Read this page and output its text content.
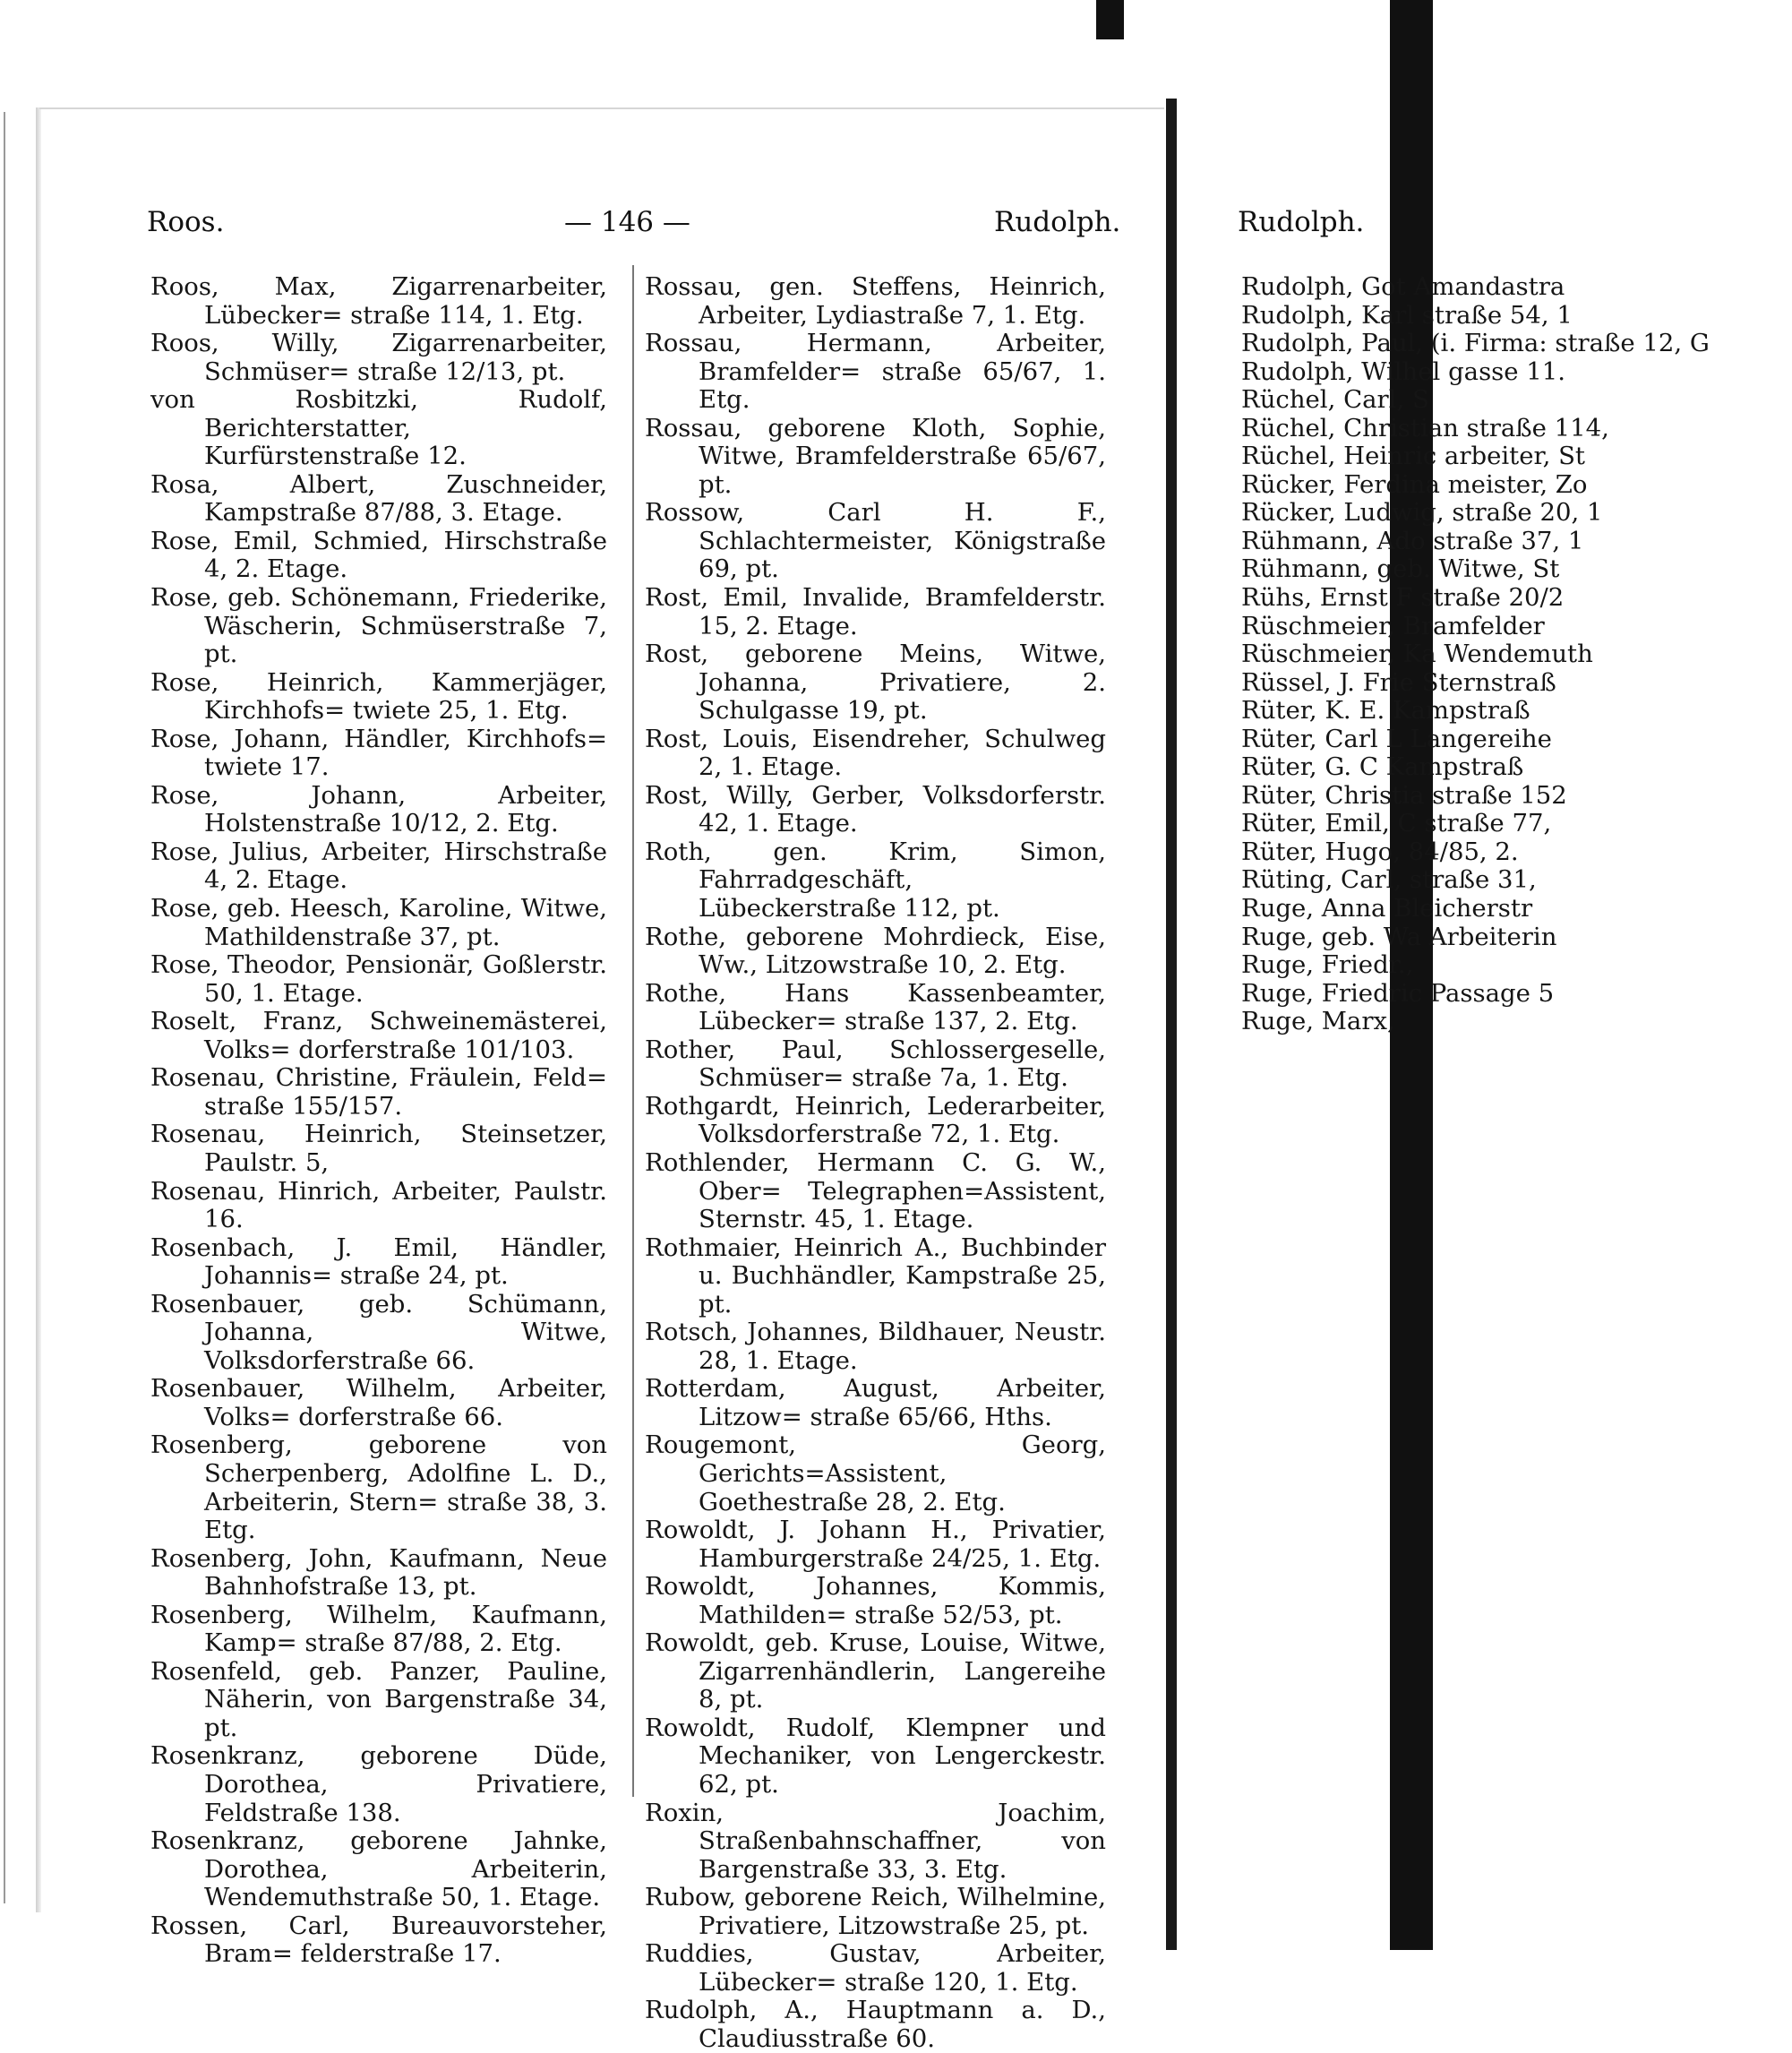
Roos.	— 146 —	Rudolph.	Rudolph.

Roos, Max, Zigarrenarbeiter, Lübecker= straße 114, 1. Etg.

Roos, Willy, Zigarrenarbeiter, Schmüser= straße 12/13, pt.

von Rosbitzki, Rudolf, Berichterstatter, Kurfürstenstraße 12.

Rosa, Albert, Zuschneider, Kampstraße 87/88, 3. Etage.

Rose, Emil, Schmied, Hirschstraße 4, 2. Etage.

Rose, geb. Schönemann, Friederike, Wäscherin, Schmüserstraße 7, pt.

Rose, Heinrich, Kammerjäger, Kirchhofs= twiete 25, 1. Etg.

Rose, Johann, Händler, Kirchhofs= twiete 17.

Rose, Johann, Arbeiter, Holstenstraße 10/12, 2. Etg.

Rose, Julius, Arbeiter, Hirschstraße 4, 2. Etage.

Rose, geb. Heesch, Karoline, Witwe, Mathildenstraße 37, pt.

Rose, Theodor, Pensionär, Goßlerstr. 50, 1. Etage.

Roselt, Franz, Schweinemästerei, Volks= dorferstraße 101/103.

Rosenau, Christine, Fräulein, Feld= straße 155/157.

Rosenau, Heinrich, Steinsetzer, Paulstr. 5,

Rosenau, Hinrich, Arbeiter, Paulstr. 16.

Rosenbach, J. Emil, Händler, Johannis= straße 24, pt.

Rosenbauer, geb. Schümann, Johanna, Witwe, Volksdorferstraße 66.

Rosenbauer, Wilhelm, Arbeiter, Volks= dorferstraße 66.

Rosenberg, geborene von Scherpenberg, Adolfine L. D., Arbeiterin, Stern= straße 38, 3. Etg.

Rosenberg, John, Kaufmann, Neue Bahnhofstraße 13, pt.

Rosenberg, Wilhelm, Kaufmann, Kamp= straße 87/88, 2. Etg.

Rosenfeld, geb. Panzer, Pauline, Näherin, von Bargenstraße 34, pt.

Rosenkranz, geborene Düde, Dorothea, Privatiere, Feldstraße 138.

Rosenkranz, geborene Jahnke, Dorothea, Arbeiterin, Wendemuthstraße 50, 1. Etage.

Rossen, Carl, Bureauvorsteher, Bram= felderstraße 17.

Rossau, gen. Steffens, Heinrich, Arbeiter, Lydiastraße 7, 1. Etg.

Rossau, Hermann, Arbeiter, Bramfelder= straße 65/67, 1. Etg.

Rossau, geborene Kloth, Sophie, Witwe, Bramfelderstraße 65/67, pt.

Rossow, Carl H. F., Schlachtermeister, Königstraße 69, pt.

Rost, Emil, Invalide, Bramfelderstr. 15, 2. Etage.

Rost, geborene Meins, Witwe, Johanna, Privatiere, 2. Schulgasse 19, pt.

Rost, Louis, Eisendreher, Schulweg 2, 1. Etage.

Rost, Willy, Gerber, Volksdorferstr. 42, 1. Etage.

Roth, gen. Krim, Simon, Fahrradgeschäft, Lübeckerstraße 112, pt.

Rothe, geborene Mohrdieck, Eise, Ww., Litzowstraße 10, 2. Etg.

Rothe, Hans Kassenbeamter, Lübecker= straße 137, 2. Etg.

Rother, Paul, Schlossergeselle, Schmüser= straße 7a, 1. Etg.

Rothgardt, Heinrich, Lederarbeiter, Volksdorferstraße 72, 1. Etg.

Rothlender, Hermann C. G. W., Ober= Telegraphen=Assistent, Sternstr. 45, 1. Etage.

Rothmaier, Heinrich A., Buchbinder u. Buchhändler, Kampstraße 25, pt.

Rotsch, Johannes, Bildhauer, Neustr. 28, 1. Etage.

Rotterdam, August, Arbeiter, Litzow= straße 65/66, Hths.

Rougemont, Georg, Gerichts=Assistent, Goethestraße 28, 2. Etg.

Rowoldt, J. Johann H., Privatier, Hamburgerstraße 24/25, 1. Etg.

Rowoldt, Johannes, Kommis, Mathilden= straße 52/53, pt.

Rowoldt, geb. Kruse, Louise, Witwe, Zigarrenhändlerin, Langereihe 8, pt.

Rowoldt, Rudolf, Klempner und Mechaniker, von Lengerckestr. 62, pt.

Roxin, Joachim, Straßenbahnschaffner, von Bargenstraße 33, 3. Etg.

Rubow, geborene Reich, Wilhelmine, Privatiere, Litzowstraße 25, pt.

Ruddies, Gustav, Arbeiter, Lübecker= straße 120, 1. Etg.

Rudolph, A., Hauptmann a. D., Claudiusstraße 60.

Rudolph, Got Amandastra

Rudolph, Karl straße 54, 1

Rudolph, Paul, (i. Firma: straße 12, G

Rudolph, Wilhel gasse 11.

Rüchel, Carl, S

Rüchel, Christian straße 114,

Rüchel, Heinric arbeiter, St

Rücker, Ferdina meister, Zo

Rücker, Ludwig, straße 20, 1

Rühmann, Ado straße 37, 1

Rühmann, geb. Witwe, St

Rühs, Ernst F straße 20/2

Rüschmeier, Bramfelder

Rüschmeier, Ka Wendemuth

Rüssel, J. Frie Sternstraß

Rüter, K. E. Kampstraß

Rüter, Carl L Langereihe

Rüter, G. C Kampstraß

Rüter, Christia straße 152

Rüter, Emil, C straße 77,

Rüter, Hugo, 84/85, 2.

Rüting, Carl, straße 31,

Ruge, Anna Bleicherstr

Ruge, geb. Wa Arbeiterin

Ruge, Friedr.,

Ruge, Friedric Passage 5

Ruge, Marx,
